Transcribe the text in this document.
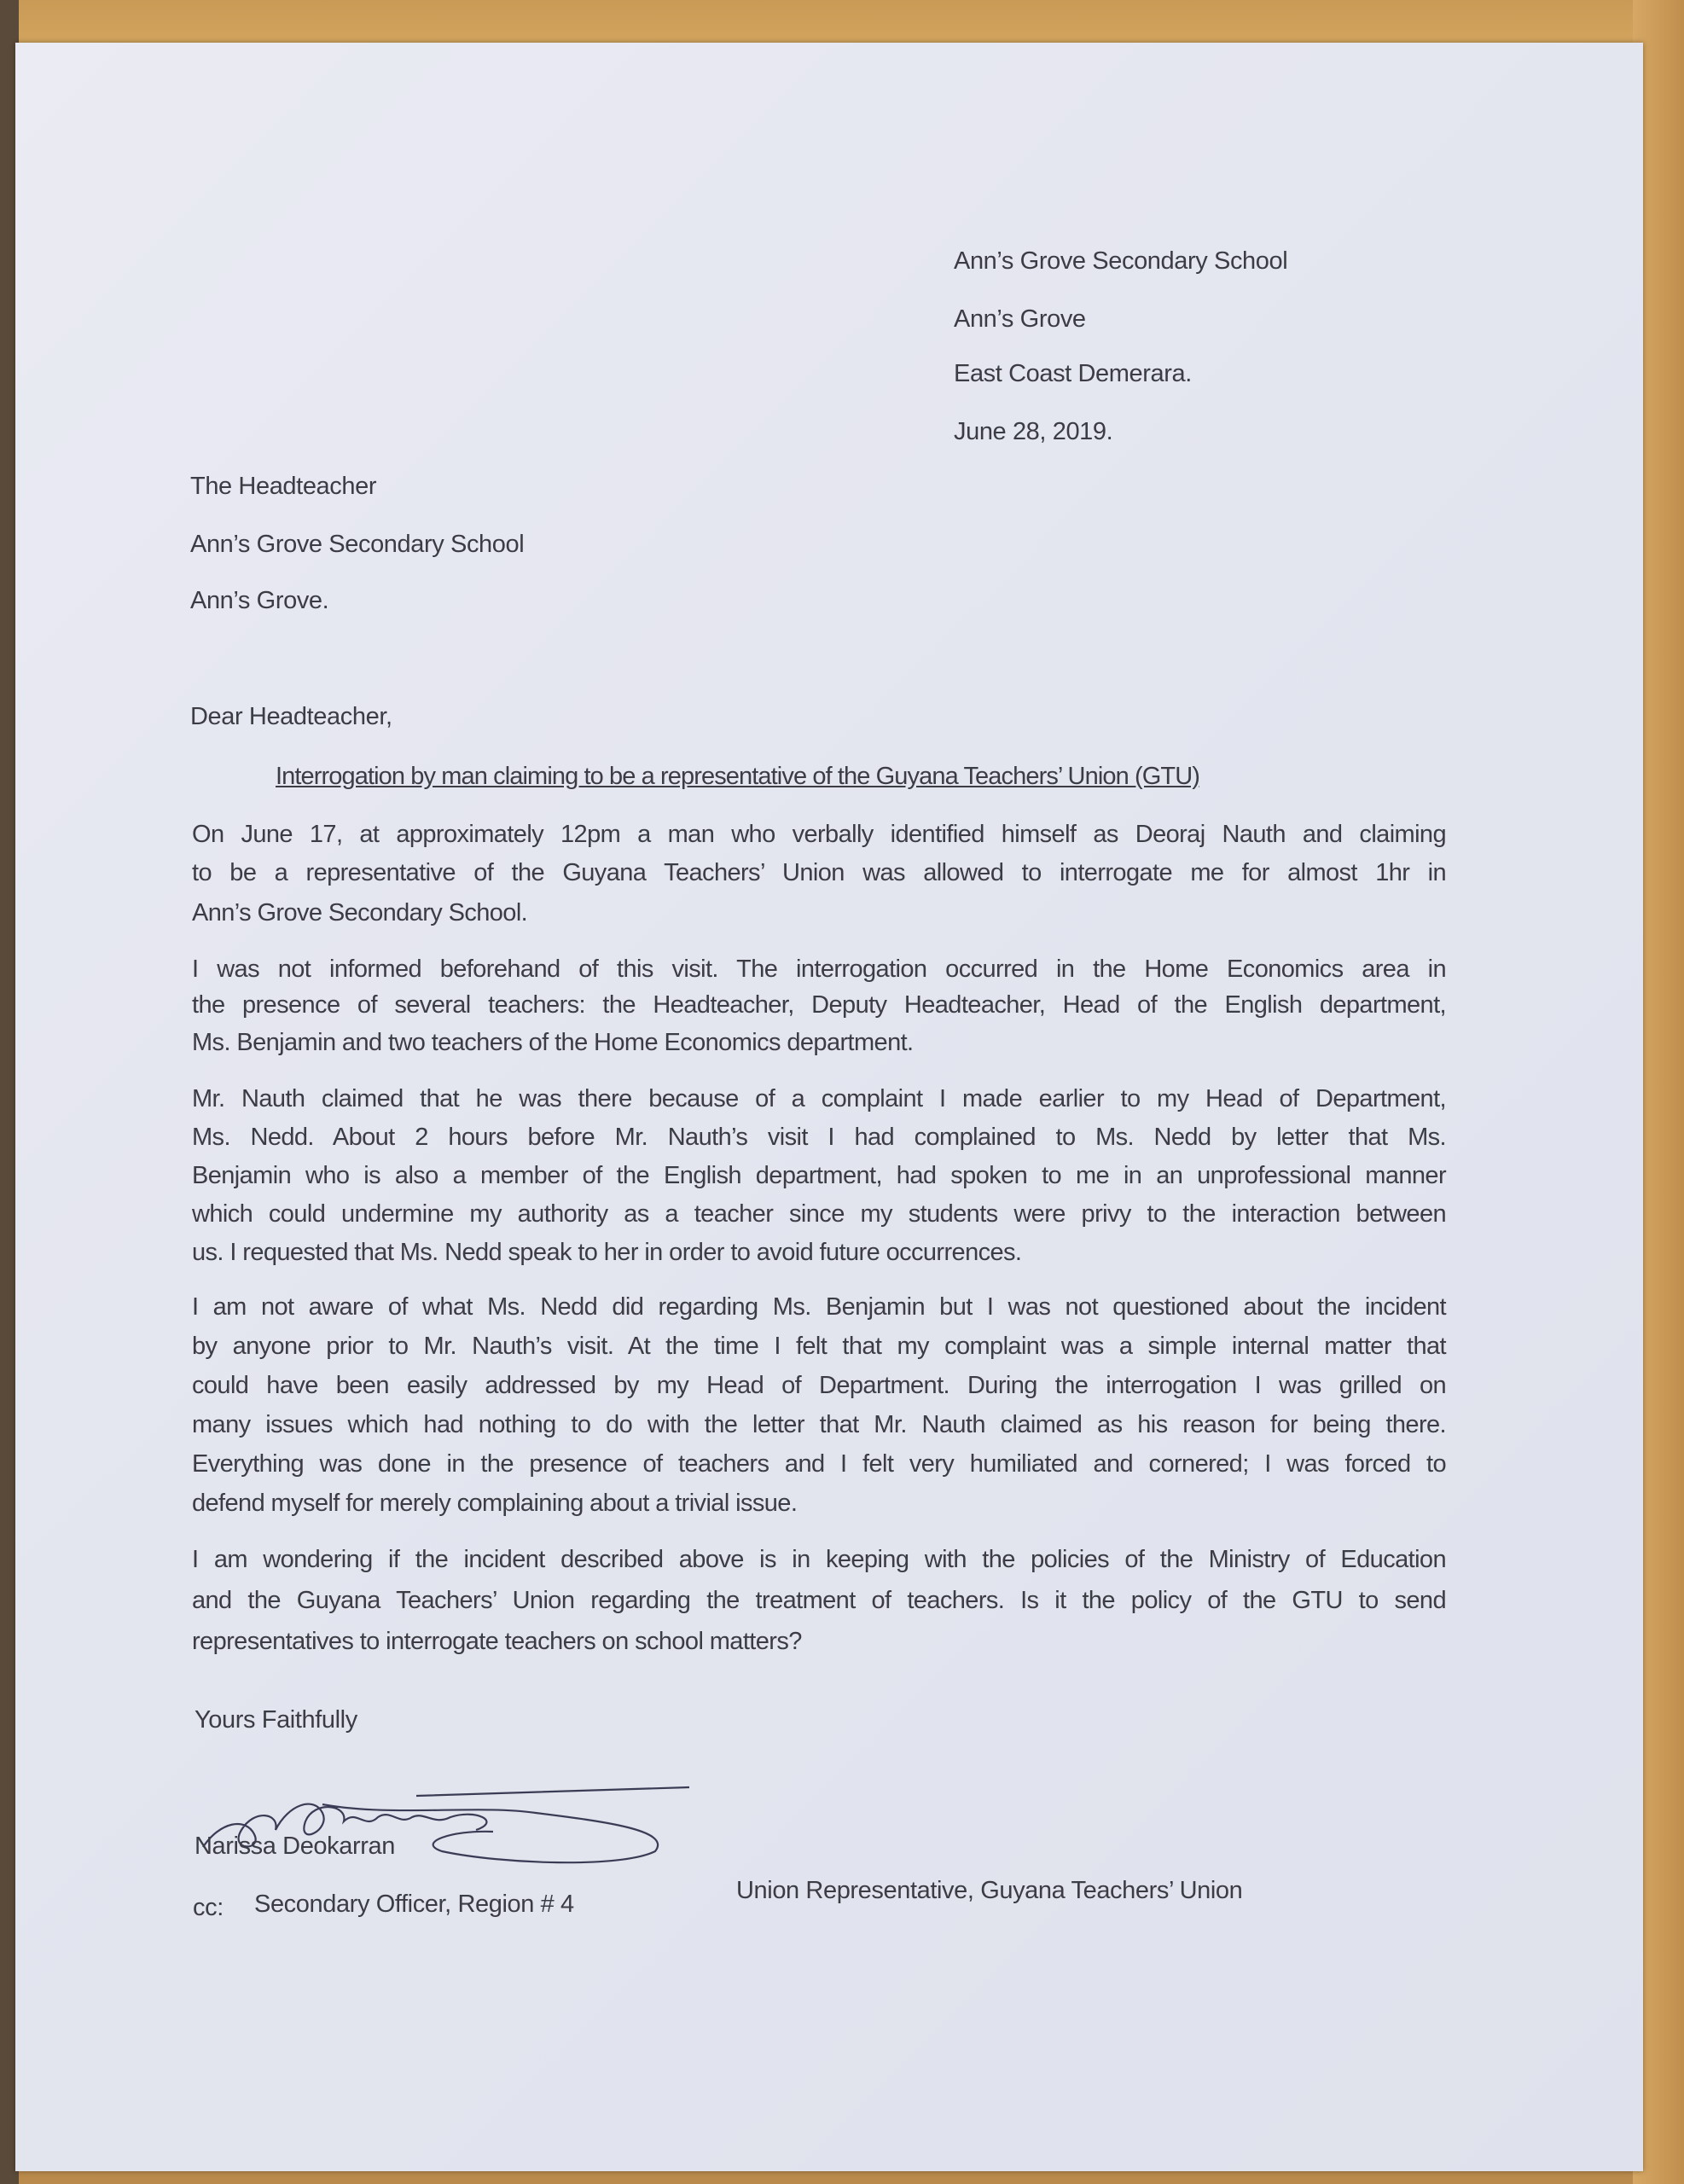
Ann’s Grove Secondary School
Ann’s Grove
East Coast Demerara.
June 28, 2019.
The Headteacher
Ann’s Grove Secondary School
Ann’s Grove.
Dear Headteacher,
Interrogation by man claiming to be a representative of the Guyana Teachers’ Union (GTU)
On June 17, at approximately 12pm a man who verbally identified himself as Deoraj Nauth and claiming
to be a representative of the Guyana Teachers’ Union was allowed to interrogate me for almost 1hr in
Ann’s Grove Secondary School.
I was not informed beforehand of this visit. The interrogation occurred in the Home Economics area in
the presence of several teachers: the Headteacher, Deputy Headteacher, Head of the English department,
Ms. Benjamin and two teachers of the Home Economics department.
Mr. Nauth claimed that he was there because of a complaint I made earlier to my Head of Department,
Ms. Nedd. About 2 hours before Mr. Nauth’s visit I had complained to Ms. Nedd by letter that Ms.
Benjamin who is also a member of the English department, had spoken to me in an unprofessional manner
which could undermine my authority as a teacher since my students were privy to the interaction between
us. I requested that Ms. Nedd speak to her in order to avoid future occurrences.
I am not aware of what Ms. Nedd did regarding Ms. Benjamin but I was not questioned about the incident
by anyone prior to Mr. Nauth’s visit. At the time I felt that my complaint was a simple internal matter that
could have been easily addressed by my Head of Department. During the interrogation I was grilled on
many issues which had nothing to do with the letter that Mr. Nauth claimed as his reason for being there.
Everything was done in the presence of teachers and I felt very humiliated and cornered; I was forced to
defend myself for merely complaining about a trivial issue.
I am wondering if the incident described above is in keeping with the policies of the Ministry of Education
and the Guyana Teachers’ Union regarding the treatment of teachers. Is it the policy of the GTU to send
representatives to interrogate teachers on school matters?
Yours Faithfully
Narissa Deokarran
cc: Secondary Officer, Region # 4	Union Representative, Guyana Teachers’ Union
